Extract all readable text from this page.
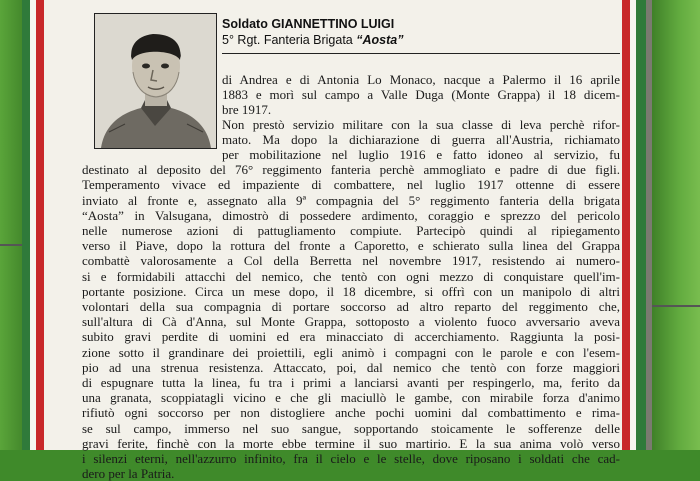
Soldato GIANNETTINO LUIGI
5° Rgt. Fanteria Brigata “Aosta”
di Andrea e di Antonia Lo Monaco, nacque a Palermo il 16 aprile
1883 e morì sul campo a Valle Duga (Monte Grappa) il 18 dicem-
bre 1917.
Non prestò servizio militare con la sua classe di leva perchè rifor-
mato. Ma dopo la dichiarazione di guerra all'Austria, richiamato
per mobilitazione nel luglio 1916 e fatto idoneo al servizio, fu
destinato al deposito del 76° reggimento fanteria perchè ammogliato e padre di due figli.
Temperamento vivace ed impaziente di combattere, nel luglio 1917 ottenne di essere
inviato al fronte e, assegnato alla 9ª compagnia del 5° reggimento fanteria della brigata
“Aosta” in Valsugana, dimostrò di possedere ardimento, coraggio e sprezzo del pericolo
nelle numerose azioni di pattugliamento compiute. Partecipò quindi al ripiegamento
verso il Piave, dopo la rottura del fronte a Caporetto, e schierato sulla linea del Grappa
combattè valorosamente a Col della Berretta nel novembre 1917, resistendo ai numero-
si e formidabili attacchi del nemico, che tentò con ogni mezzo di conquistare quell'im-
portante posizione. Circa un mese dopo, il 18 dicembre, si offrì con un manipolo di altri
volontari della sua compagnia di portare soccorso ad altro reparto del reggimento che,
sull'altura di Cà d'Anna, sul Monte Grappa, sottoposto a violento fuoco avversario aveva
subito gravi perdite di uomini ed era minacciato di accerchiamento. Raggiunta la posi-
zione sotto il grandinare dei proiettili, egli animò i compagni con le parole e con l'esem-
pio ad una strenua resistenza. Attaccato, poi, dal nemico che tentò con forze maggiori
di espugnare tutta la linea, fu tra i primi a lanciarsi avanti per respingerlo, ma, ferito da
una granata, scoppiatagli vicino e che gli maciullò le gambe, con mirabile forza d'animo
rifiutò ogni soccorso per non distogliere anche pochi uomini dal combattimento e rima-
se sul campo, immerso nel suo sangue, sopportando stoicamente le sofferenze delle
gravi ferite, finchè con la morte ebbe termine il suo martirio. E la sua anima volò verso
i silenzi eterni, nell'azzurro infinito, fra il cielo e le stelle, dove riposano i soldati che cad-
dero per la Patria.
